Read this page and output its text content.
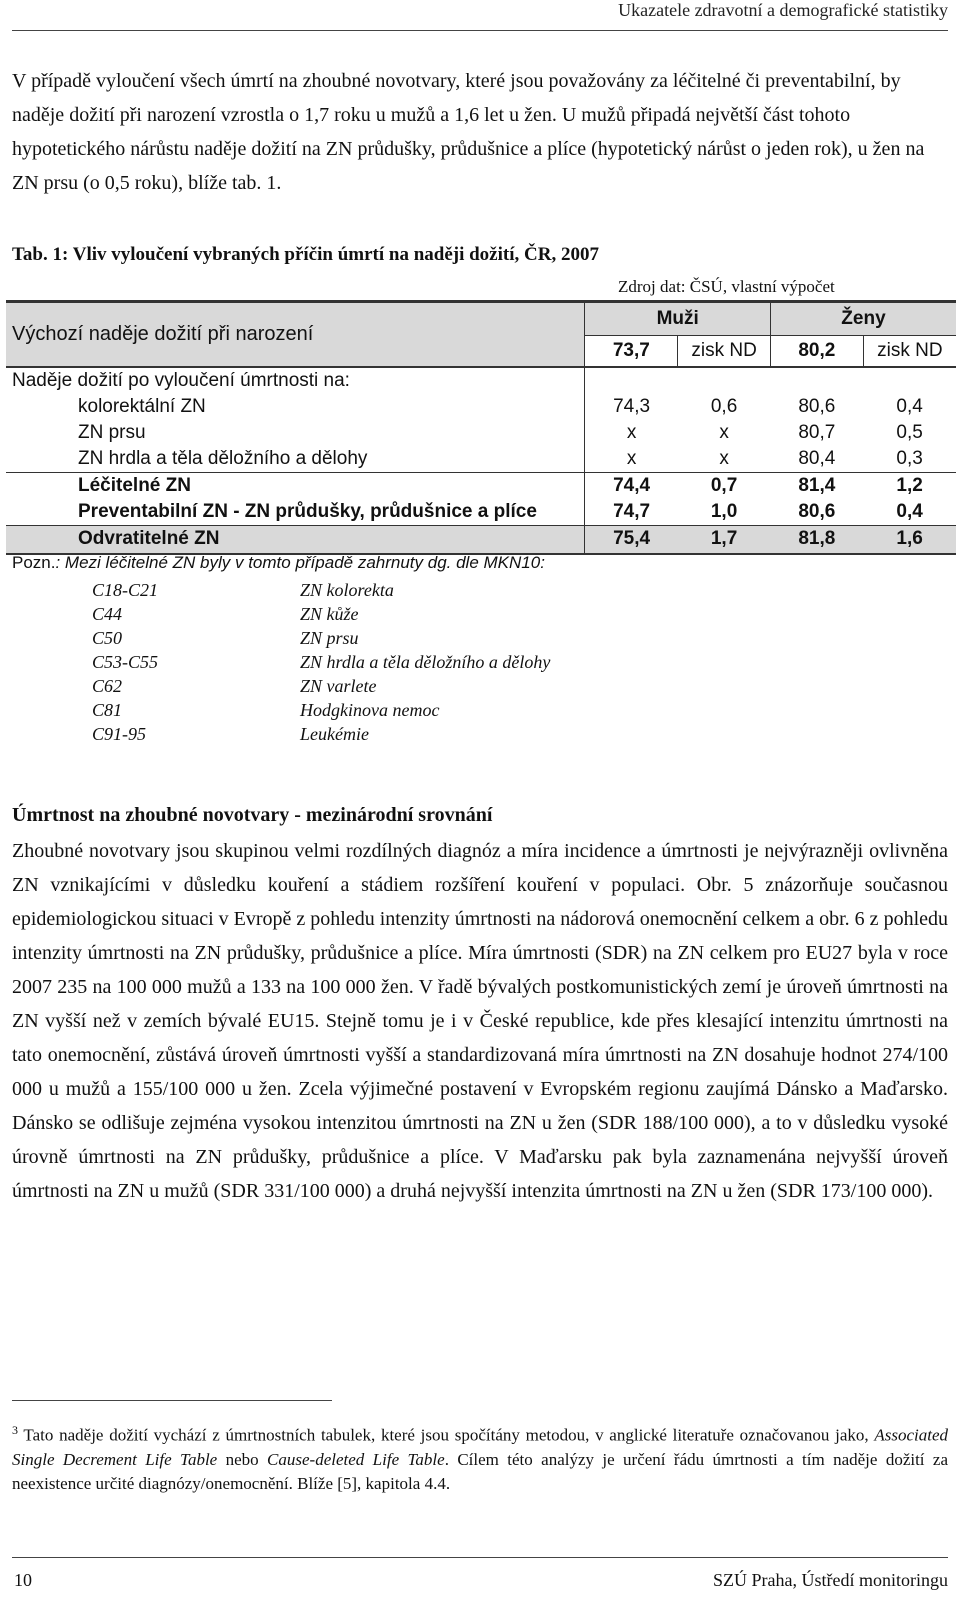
Ukazatele zdravotní a demografické statistiky

V případě vyloučení všech úmrtí na zhoubné novotvary, které jsou považovány za léčitelné či preventabilní, by naděje dožití při narození vzrostla o 1,7 roku u mužů a 1,6 let u žen. U mužů připadá největší část tohoto hypotetického nárůstu naděje dožití na ZN průdušky, průdušnice a plíce (hypotetický nárůst o jeden rok), u žen na ZN prsu (o 0,5 roku), blíže tab. 1.

Tab. 1: Vliv vyloučení vybraných příčin úmrtí na naději dožití, ČR, 2007
Zdroj dat: ČSÚ, vlastní výpočet
Výchozí naděje dožití při narození	Muži		Ženy	
	73,7	zisk ND	80,2	zisk ND
Naděje dožití po vyloučení úmrtnosti na:				
kolorektální ZN	74,3	0,6	80,6	0,4
ZN prsu	x	x	80,7	0,5
ZN hrdla a těla děložního a dělohy	x	x	80,4	0,3
Léčitelné ZN	74,4	0,7	81,4	1,2
Preventabilní ZN - ZN průdušky, průdušnice a plíce	74,7	1,0	80,6	0,4
Odvratitelné ZN	75,4	1,7	81,8	1,6
Pozn.: Mezi léčitelné ZN byly v tomto případě zahrnuty dg. dle MKN10:
C18-C21	ZN kolorekta
C44	ZN kůže
C50	ZN prsu
C53-C55	ZN hrdla a těla děložního a dělohy
C62	ZN varlete
C81	Hodgkinova nemoc
C91-95	Leukémie
Úmrtnost na zhoubné novotvary - mezinárodní srovnání

Zhoubné novotvary jsou skupinou velmi rozdílných diagnóz a míra incidence a úmrtnosti je nejvýrazněji ovlivněna ZN vznikajícími v důsledku kouření a stádiem rozšíření kouření v populaci. Obr. 5 znázorňuje současnou epidemiologickou situaci v Evropě z pohledu intenzity úmrtnosti na nádorová onemocnění celkem a obr. 6 z pohledu intenzity úmrtnosti na ZN průdušky, průdušnice a plíce. Míra úmrtnosti (SDR) na ZN celkem pro EU27 byla v roce 2007 235 na 100 000 mužů a 133 na 100 000 žen. V řadě bývalých postkomunistických zemí je úroveň úmrtnosti na ZN vyšší než v zemích bývalé EU15. Stejně tomu je i v České republice, kde přes klesající intenzitu úmrtnosti na tato onemocnění, zůstává úroveň úmrtnosti vyšší a standardizovaná míra úmrtnosti na ZN dosahuje hodnot 274/100 000 u mužů a 155/100 000 u žen. Zcela výjimečné postavení v Evropském regionu zaujímá Dánsko a Maďarsko. Dánsko se odlišuje zejména vysokou intenzitou úmrtnosti na ZN u žen (SDR 188/100 000), a to v důsledku vysoké úrovně úmrtnosti na ZN průdušky, průdušnice a plíce. V Maďarsku pak byla zaznamenána nejvyšší úroveň úmrtnosti na ZN u mužů (SDR 331/100 000) a druhá nejvyšší intenzita úmrtnosti na ZN u žen (SDR 173/100 000).

$^3$ Tato naděje dožití vychází z úmrtnostních tabulek, které jsou spočítány metodou, v anglické literatuře označovanou jako, Associated Single Decrement Life Table nebo Cause-deleted Life Table. Cílem této analýzy je určení řádu úmrtnosti a tím naděje dožití za neexistence určité diagnózy/onemocnění. Blíže [5], kapitola 4.4.

10	SZÚ Praha, Ústředí monitoringu
